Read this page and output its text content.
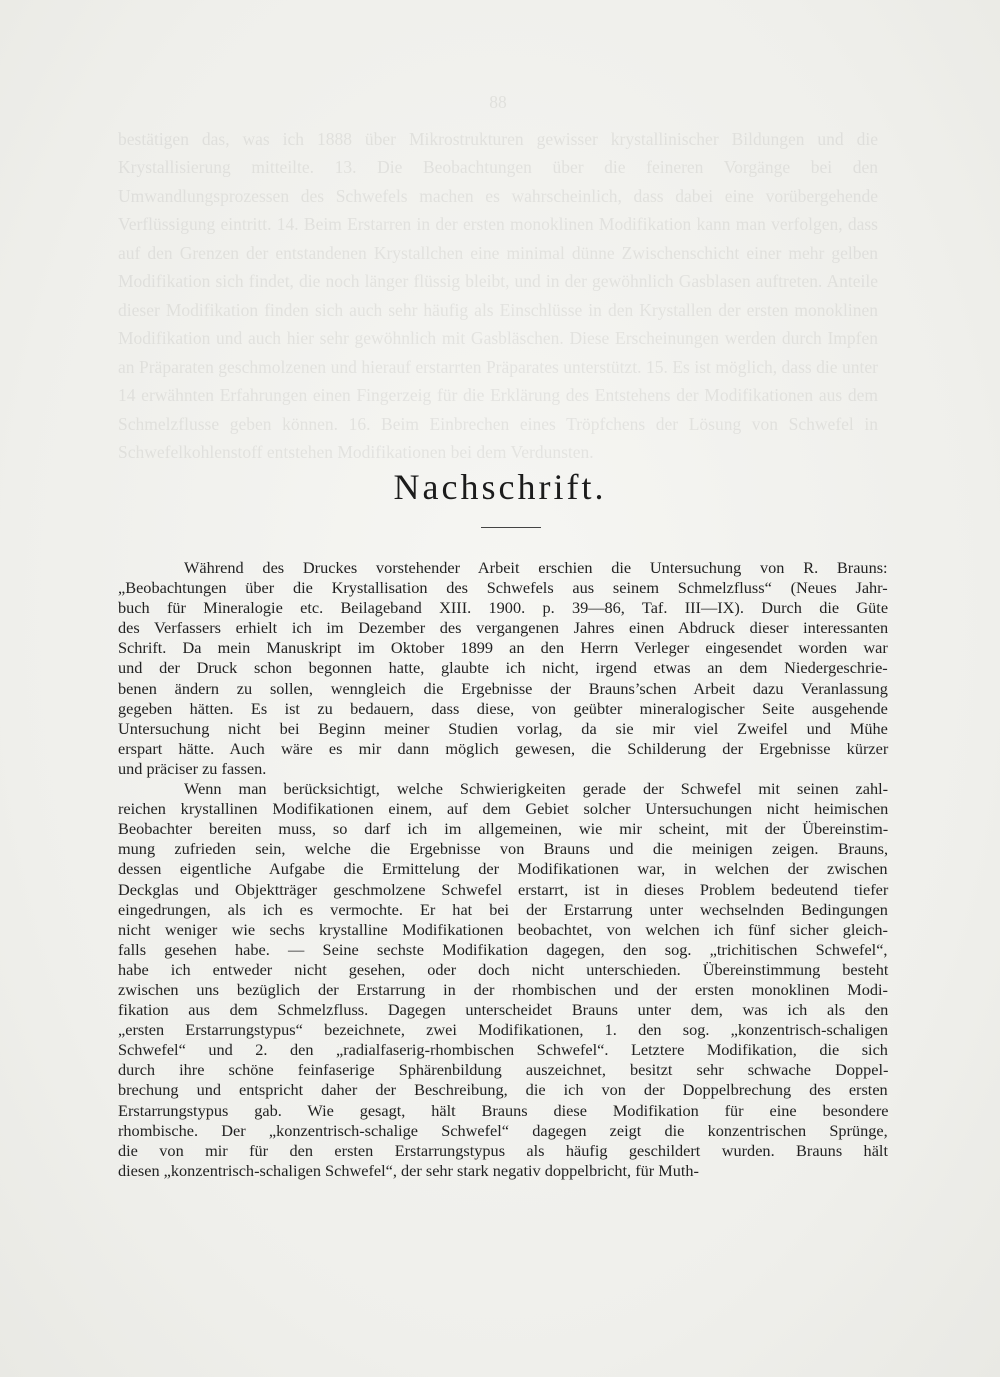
88

bestätigen das, was ich 1888 über Mikrostrukturen gewisser krystallinischer Bildungen und die Krystallisierung mitteilte. 13. Die Beobachtungen über die feineren Vorgänge bei den Umwandlungsprozessen des Schwefels machen es wahrscheinlich, dass dabei eine vorübergehende Verflüssigung eintritt. 14. Beim Erstarren in der ersten monoklinen Modifikation kann man verfolgen, dass auf den Grenzen der entstandenen Krystallchen eine minimal dünne Zwischenschicht einer mehr gelben Modifikation sich findet, die noch länger flüssig bleibt, und in der gewöhnlich Gasblasen auftreten. Anteile dieser Modifikation finden sich auch sehr häufig als Einschlüsse in den Krystallen der ersten monoklinen Modifikation und auch hier sehr gewöhnlich mit Gasbläschen. Diese Erscheinungen werden durch Impfen an Präparaten geschmolzenen und hierauf erstarrten Präparates unterstützt. 15. Es ist möglich, dass die unter 14 erwähnten Erfahrungen einen Fingerzeig für die Erklärung des Entstehens der Modifikationen aus dem Schmelzflusse geben können. 16. Beim Einbrechen eines Tröpfchens der Lösung von Schwefel in Schwefelkohlenstoff entstehen Modifikationen bei dem Verdunsten.

Nachschrift.
Während des Druckes vorstehender Arbeit erschien die Untersuchung von R. Brauns:
„Beobachtungen über die Krystallisation des Schwefels aus seinem Schmelzfluss“ (Neues Jahr-
buch für Mineralogie etc. Beilageband XIII. 1900. p. 39—86, Taf. III—IX). Durch die Güte
des Verfassers erhielt ich im Dezember des vergangenen Jahres einen Abdruck dieser interessanten
Schrift. Da mein Manuskript im Oktober 1899 an den Herrn Verleger eingesendet worden war
und der Druck schon begonnen hatte, glaubte ich nicht, irgend etwas an dem Niedergeschrie-
benen ändern zu sollen, wenngleich die Ergebnisse der Brauns’schen Arbeit dazu Veranlassung
gegeben hätten. Es ist zu bedauern, dass diese, von geübter mineralogischer Seite ausgehende
Untersuchung nicht bei Beginn meiner Studien vorlag, da sie mir viel Zweifel und Mühe
erspart hätte. Auch wäre es mir dann möglich gewesen, die Schilderung der Ergebnisse kürzer
und präciser zu fassen.
Wenn man berücksichtigt, welche Schwierigkeiten gerade der Schwefel mit seinen zahl-
reichen krystallinen Modifikationen einem, auf dem Gebiet solcher Untersuchungen nicht heimischen
Beobachter bereiten muss, so darf ich im allgemeinen, wie mir scheint, mit der Übereinstim-
mung zufrieden sein, welche die Ergebnisse von Brauns und die meinigen zeigen. Brauns,
dessen eigentliche Aufgabe die Ermittelung der Modifikationen war, in welchen der zwischen
Deckglas und Objektträger geschmolzene Schwefel erstarrt, ist in dieses Problem bedeutend tiefer
eingedrungen, als ich es vermochte. Er hat bei der Erstarrung unter wechselnden Bedingungen
nicht weniger wie sechs krystalline Modifikationen beobachtet, von welchen ich fünf sicher gleich-
falls gesehen habe. — Seine sechste Modifikation dagegen, den sog. „trichitischen Schwefel“,
habe ich entweder nicht gesehen, oder doch nicht unterschieden. Übereinstimmung besteht
zwischen uns bezüglich der Erstarrung in der rhombischen und der ersten monoklinen Modi-
fikation aus dem Schmelzfluss. Dagegen unterscheidet Brauns unter dem, was ich als den
„ersten Erstarrungstypus“ bezeichnete, zwei Modifikationen, 1. den sog. „konzentrisch-schaligen
Schwefel“ und 2. den „radialfaserig-rhombischen Schwefel“. Letztere Modifikation, die sich
durch ihre schöne feinfaserige Sphärenbildung auszeichnet, besitzt sehr schwache Doppel-
brechung und entspricht daher der Beschreibung, die ich von der Doppelbrechung des ersten
Erstarrungstypus gab. Wie gesagt, hält Brauns diese Modifikation für eine besondere
rhombische. Der „konzentrisch-schalige Schwefel“ dagegen zeigt die konzentrischen Sprünge,
die von mir für den ersten Erstarrungstypus als häufig geschildert wurden. Brauns hält
diesen „konzentrisch-schaligen Schwefel“, der sehr stark negativ doppelbricht, für Muth-
